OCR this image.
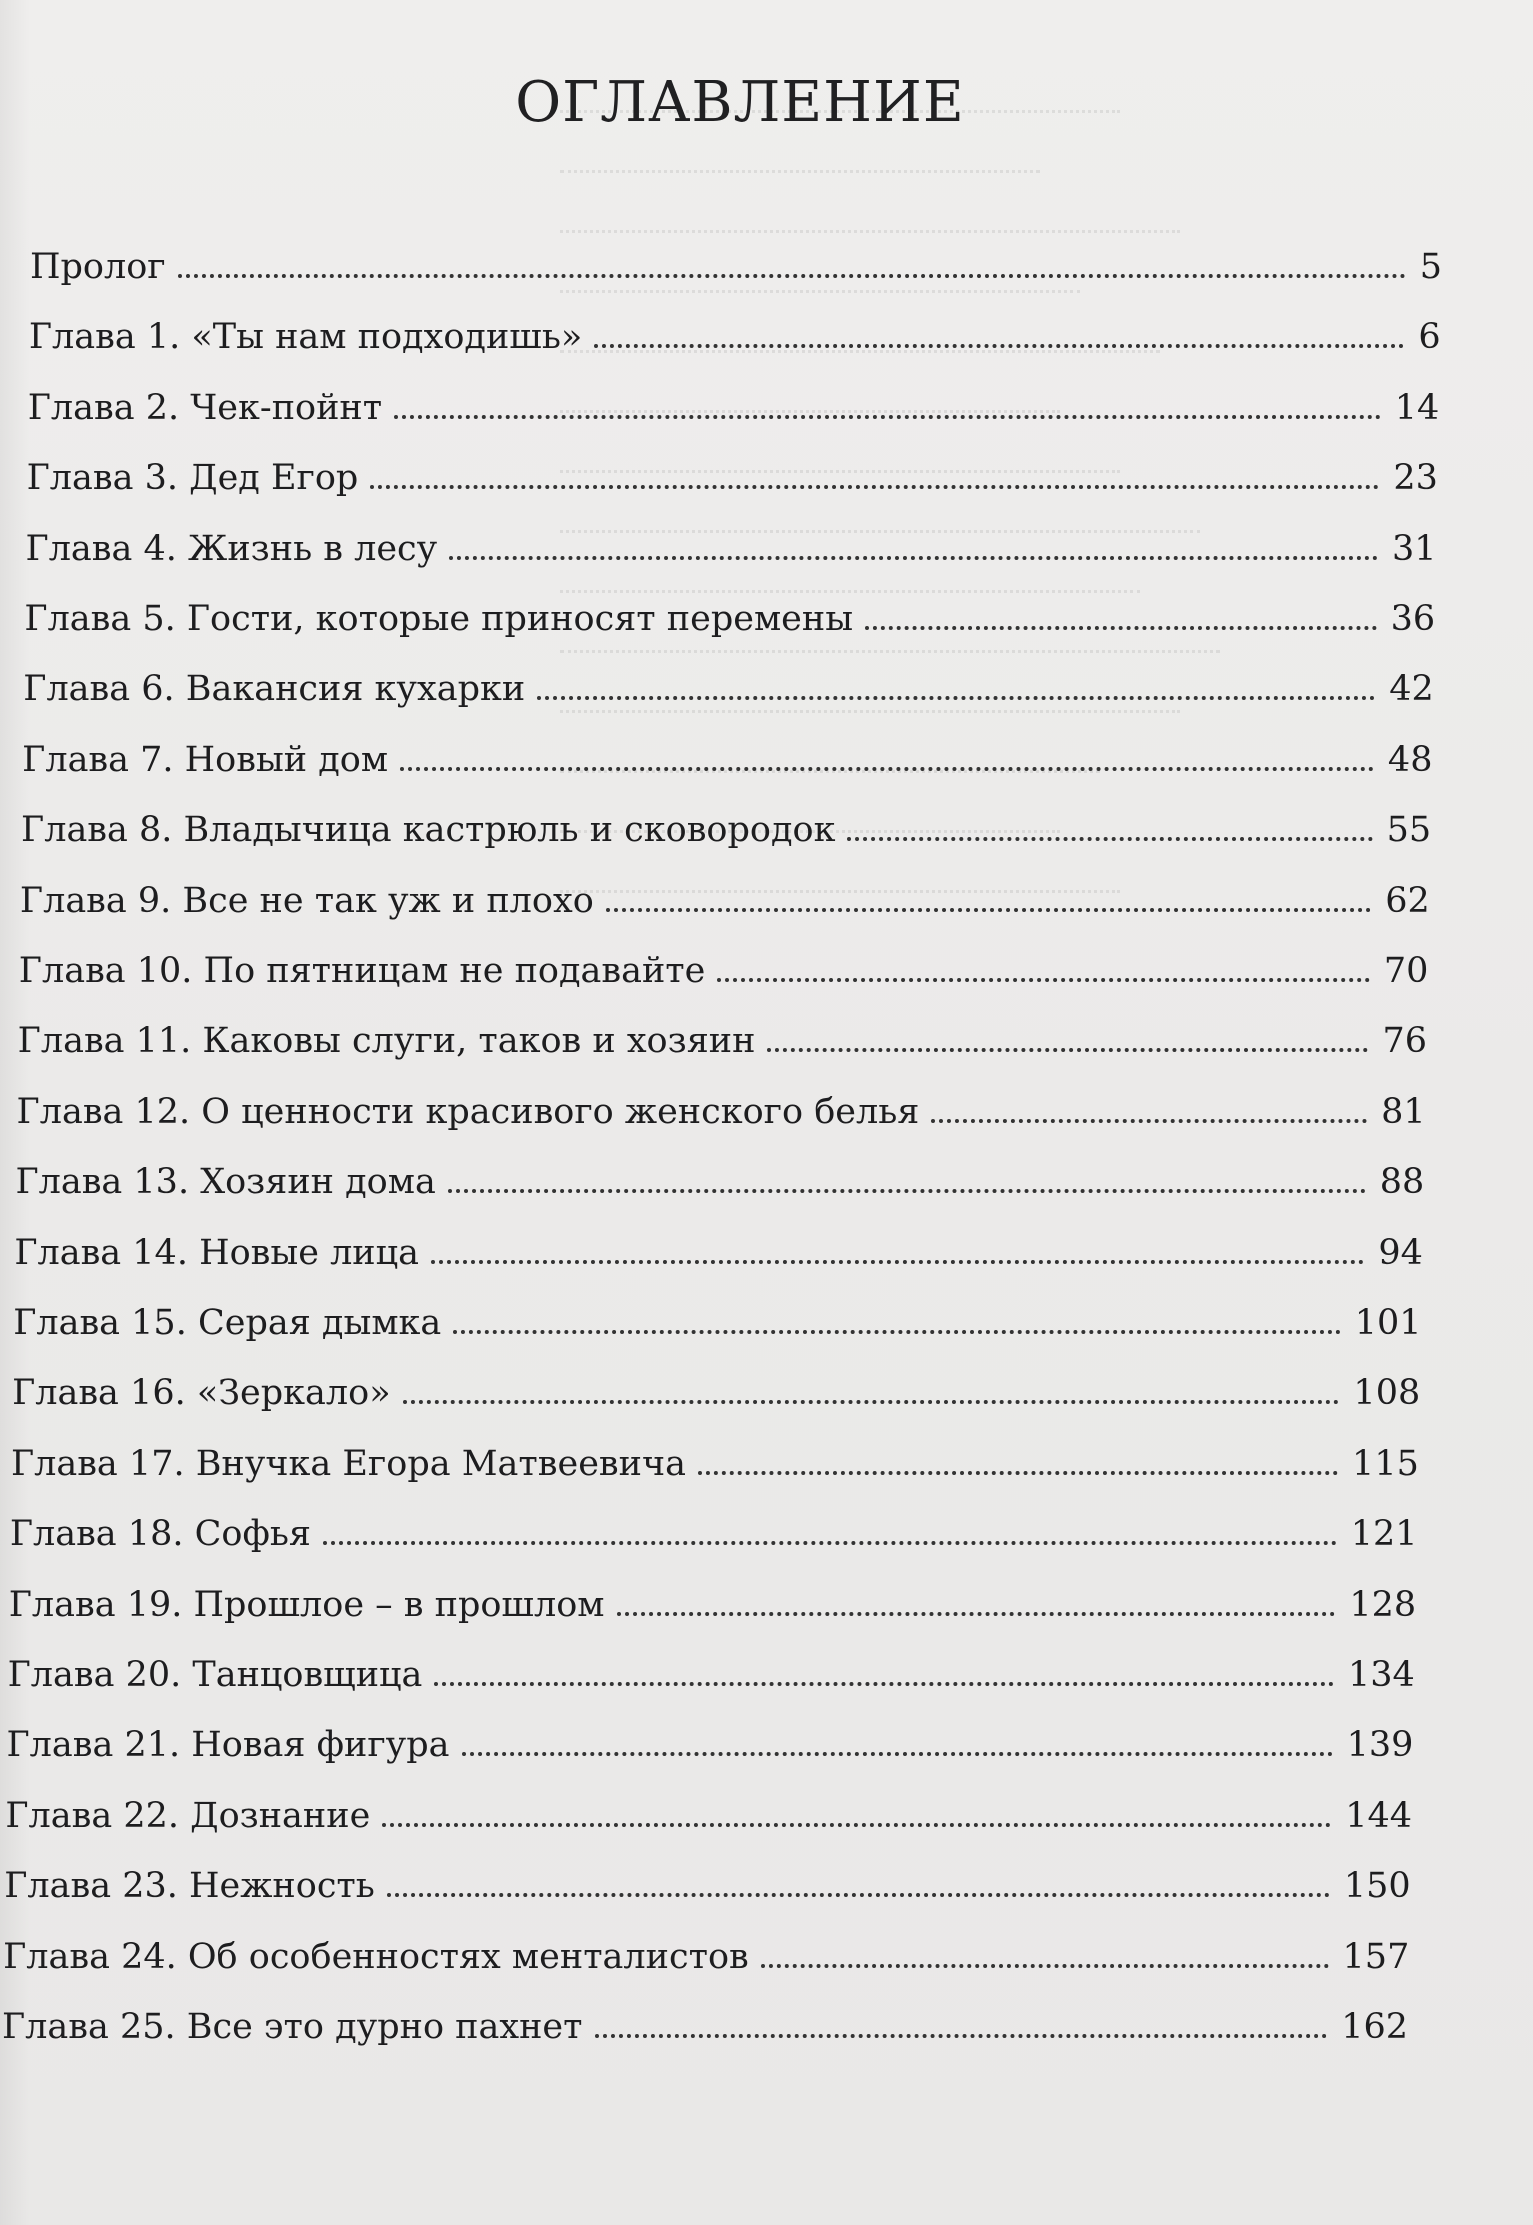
ОГЛАВЛЕНИЕ
Пролог	5
Глава 1. «Ты нам подходишь»	6
Глава 2. Чек-пойнт	14
Глава 3. Дед Егор	23
Глава 4. Жизнь в лесу	31
Глава 5. Гости, которые приносят перемены	36
Глава 6. Вакансия кухарки	42
Глава 7. Новый дом	48
Глава 8. Владычица кастрюль и сковородок	55
Глава 9. Все не так уж и плохо	62
Глава 10. По пятницам не подавайте	70
Глава 11. Каковы слуги, таков и хозяин	76
Глава 12. О ценности красивого женского белья	81
Глава 13. Хозяин дома	88
Глава 14. Новые лица	94
Глава 15. Серая дымка	101
Глава 16. «Зеркало»	108
Глава 17. Внучка Егора Матвеевича	115
Глава 18. Софья	121
Глава 19. Прошлое – в прошлом	128
Глава 20. Танцовщица	134
Глава 21. Новая фигура	139
Глава 22. Дознание	144
Глава 23. Нежность	150
Глава 24. Об особенностях менталистов	157
Глава 25. Все это дурно пахнет	162
